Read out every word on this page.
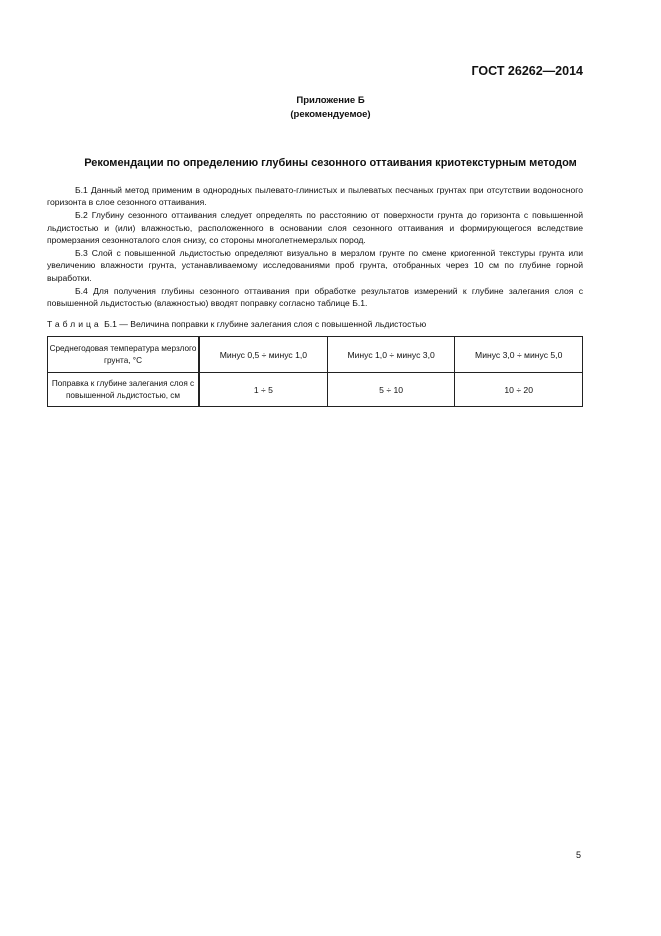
ГОСТ 26262—2014
Приложение Б
(рекомендуемое)
Рекомендации по определению глубины сезонного оттаивания криотекстурным методом

Б.1 Данный метод применим в однородных пылевато-глинистых и пылеватых песчаных грунтах при отсутствии водоносного горизонта в слое сезонного оттаивания.

Б.2 Глубину сезонного оттаивания следует определять по расстоянию от поверхности грунта до горизонта с повышенной льдистостью и (или) влажностью, расположенного в основании слоя сезонного оттаивания и формирующегося вследствие промерзания сезонноталого слоя снизу, со стороны многолетнемерзлых пород.

Б.3 Слой с повышенной льдистостью определяют визуально в мерзлом грунте по смене криогенной текстуры грунта или увеличению влажности грунта, устанавливаемому исследованиями проб грунта, отобранных через 10 см по глубине горной выработки.

Б.4 Для получения глубины сезонного оттаивания при обработке результатов измерений к глубине залегания слоя с повышенной льдистостью (влажностью) вводят поправку согласно таблице Б.1.

Таблица Б.1 — Величина поправки к глубине залегания слоя с повышенной льдистостью
Среднегодовая температура мерзлого грунта, °С	Минус 0,5 ÷ минус 1,0	Минус 1,0 ÷ минус 3,0	Минус 3,0 ÷ минус 5,0
Поправка к глубине залегания слоя с повышенной льдистостью, см	1 ÷ 5	5 ÷ 10	10 ÷ 20
5
